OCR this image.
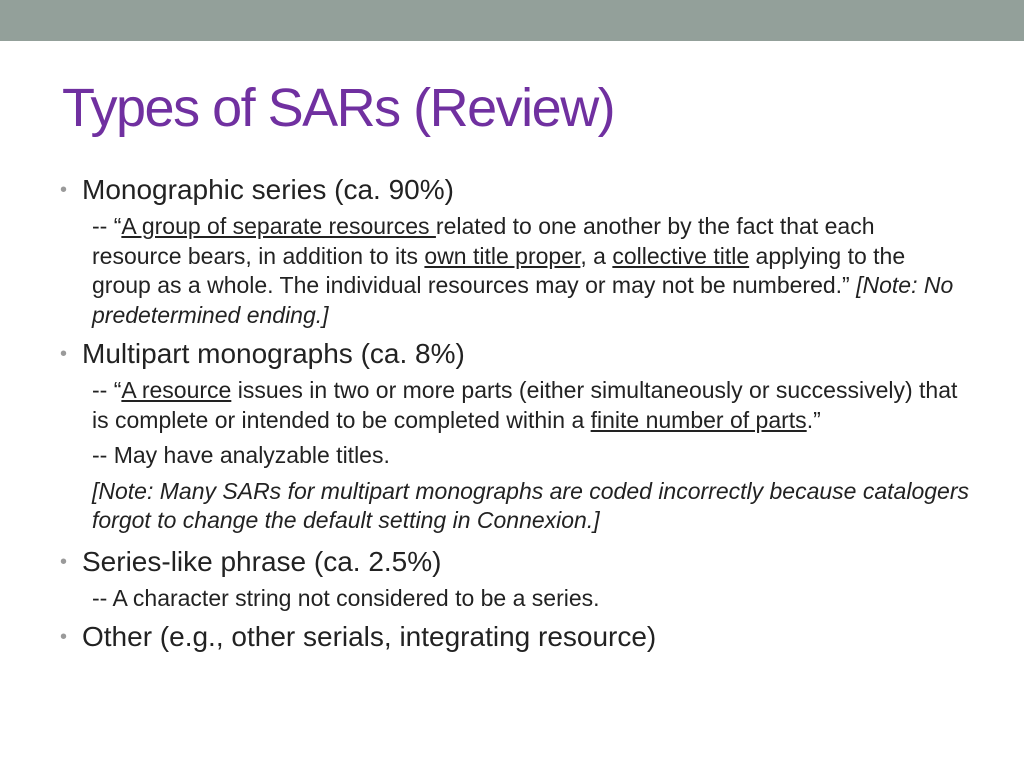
Types of SARs (Review)
• Monographic series (ca. 90%)
-- “A group of separate resources related to one another by the fact that each resource bears, in addition to its own title proper, a collective title applying to the group as a whole. The individual resources may or may not be numbered.” [Note: No predetermined ending.]
• Multipart monographs (ca. 8%)
-- “A resource issues in two or more parts (either simultaneously or successively) that is complete or intended to be completed within a finite number of parts.”
-- May have analyzable titles.
[Note: Many SARs for multipart monographs are coded incorrectly because catalogers forgot to change the default setting in Connexion.]
• Series-like phrase (ca. 2.5%)
-- A character string not considered to be a series.
• Other (e.g., other serials, integrating resource)
